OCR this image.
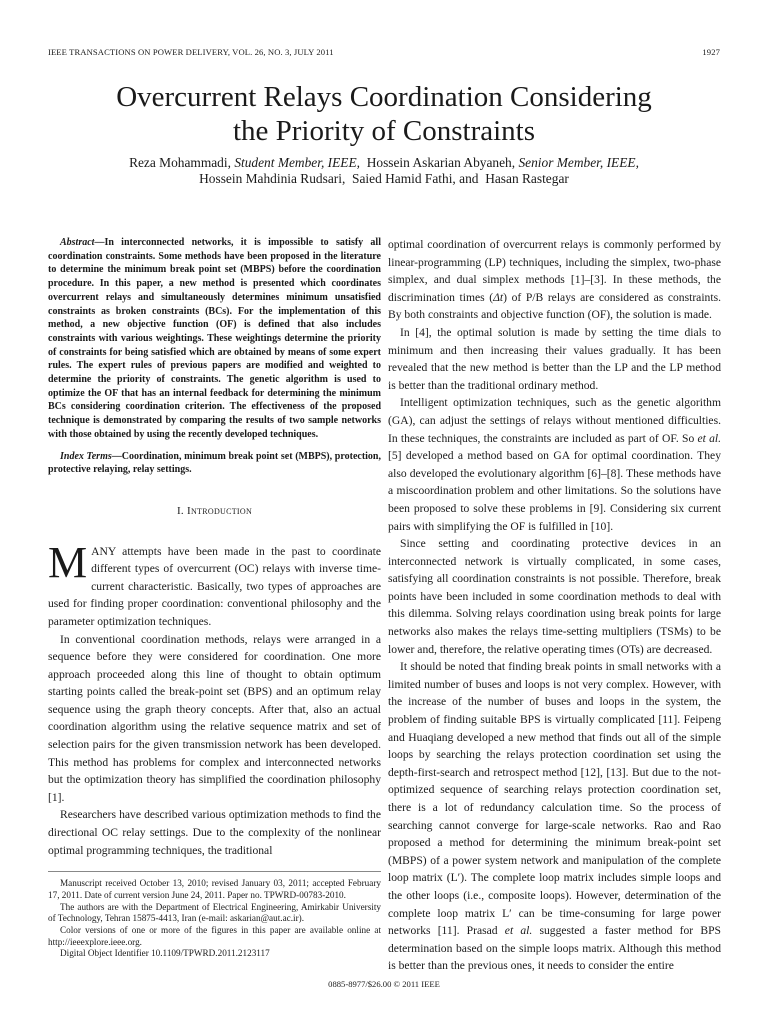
IEEE TRANSACTIONS ON POWER DELIVERY, VOL. 26, NO. 3, JULY 2011	1927
Overcurrent Relays Coordination Considering
the Priority of Constraints
Reza Mohammadi, Student Member, IEEE, Hossein Askarian Abyaneh, Senior Member, IEEE,
Hossein Mahdinia Rudsari, Saied Hamid Fathi, and Hasan Rastegar

Abstract—In interconnected networks, it is impossible to satisfy all coordination constraints. Some methods have been proposed in the literature to determine the minimum break point set (MBPS) before the coordination procedure. In this paper, a new method is presented which coordinates overcurrent relays and simultaneously determines minimum unsatisfied constraints as broken constraints (BCs). For the implementation of this method, a new objective function (OF) is defined that also includes constraints with various weightings. These weightings determine the priority of constraints for being satisfied which are obtained by means of some expert rules. The expert rules of previous papers are modified and weighted to determine the priority of constraints. The genetic algorithm is used to optimize the OF that has an internal feedback for determining the minimum BCs considering coordination criterion. The effectiveness of the proposed technique is demonstrated by comparing the results of two sample networks with those obtained by using the recently developed techniques.

Index Terms—Coordination, minimum break point set (MBPS), protection, protective relaying, relay settings.

I. Introduction

MANY attempts have been made in the past to coordinate different types of overcurrent (OC) relays with inverse time-current characteristic. Basically, two types of approaches are used for finding proper coordination: conventional philosophy and the parameter optimization techniques.

In conventional coordination methods, relays were arranged in a sequence before they were considered for coordination. One more approach proceeded along this line of thought to obtain optimum starting points called the break-point set (BPS) and an optimum relay sequence using the graph theory concepts. After that, also an actual coordination algorithm using the relative sequence matrix and set of selection pairs for the given transmission network has been developed. This method has problems for complex and interconnected networks but the optimization theory has simplified the coordination philosophy [1].

Researchers have described various optimization methods to find the directional OC relay settings. Due to the complexity of the nonlinear optimal programming techniques, the traditional

Manuscript received October 13, 2010; revised January 03, 2011; accepted February 17, 2011. Date of current version June 24, 2011. Paper no. TPWRD-00783-2010.

The authors are with the Department of Electrical Engineering, Amirkabir University of Technology, Tehran 15875-4413, Iran (e-mail: askarian@aut.ac.ir).

Color versions of one or more of the figures in this paper are available online at http://ieeexplore.ieee.org.

Digital Object Identifier 10.1109/TPWRD.2011.2123117

optimal coordination of overcurrent relays is commonly performed by linear-programming (LP) techniques, including the simplex, two-phase simplex, and dual simplex methods [1]–[3]. In these methods, the discrimination times (Δt) of P/B relays are considered as constraints. By both constraints and objective function (OF), the solution is made.

In [4], the optimal solution is made by setting the time dials to minimum and then increasing their values gradually. It has been revealed that the new method is better than the LP and the LP method is better than the traditional ordinary method.

Intelligent optimization techniques, such as the genetic algorithm (GA), can adjust the settings of relays without mentioned difficulties. In these techniques, the constraints are included as part of OF. So et al. [5] developed a method based on GA for optimal coordination. They also developed the evolutionary algorithm [6]–[8]. These methods have a miscoordination problem and other limitations. So the solutions have been proposed to solve these problems in [9]. Considering six current pairs with simplifying the OF is fulfilled in [10].

Since setting and coordinating protective devices in an interconnected network is virtually complicated, in some cases, satisfying all coordination constraints is not possible. Therefore, break points have been included in some coordination methods to deal with this dilemma. Solving relays coordination using break points for large networks also makes the relays time-setting multipliers (TSMs) to be lower and, therefore, the relative operating times (OTs) are decreased.

It should be noted that finding break points in small networks with a limited number of buses and loops is not very complex. However, with the increase of the number of buses and loops in the system, the problem of finding suitable BPS is virtually complicated [11]. Feipeng and Huaqiang developed a new method that finds out all of the simple loops by searching the relays protection coordination set using the depth-first-search and retrospect method [12], [13]. But due to the not-optimized sequence of searching relays protection coordination set, there is a lot of redundancy calculation time. So the process of searching cannot converge for large-scale networks. Rao and Rao proposed a method for determining the minimum break-point set (MBPS) of a power system network and manipulation of the complete loop matrix (L′). The complete loop matrix includes simple loops and the other loops (i.e., composite loops). However, determination of the complete loop matrix L′ can be time-consuming for large power networks [11]. Prasad et al. suggested a faster method for BPS determination based on the simple loops matrix. Although this method is better than the previous ones, it needs to consider the entire

0885-8977/$26.00 © 2011 IEEE
